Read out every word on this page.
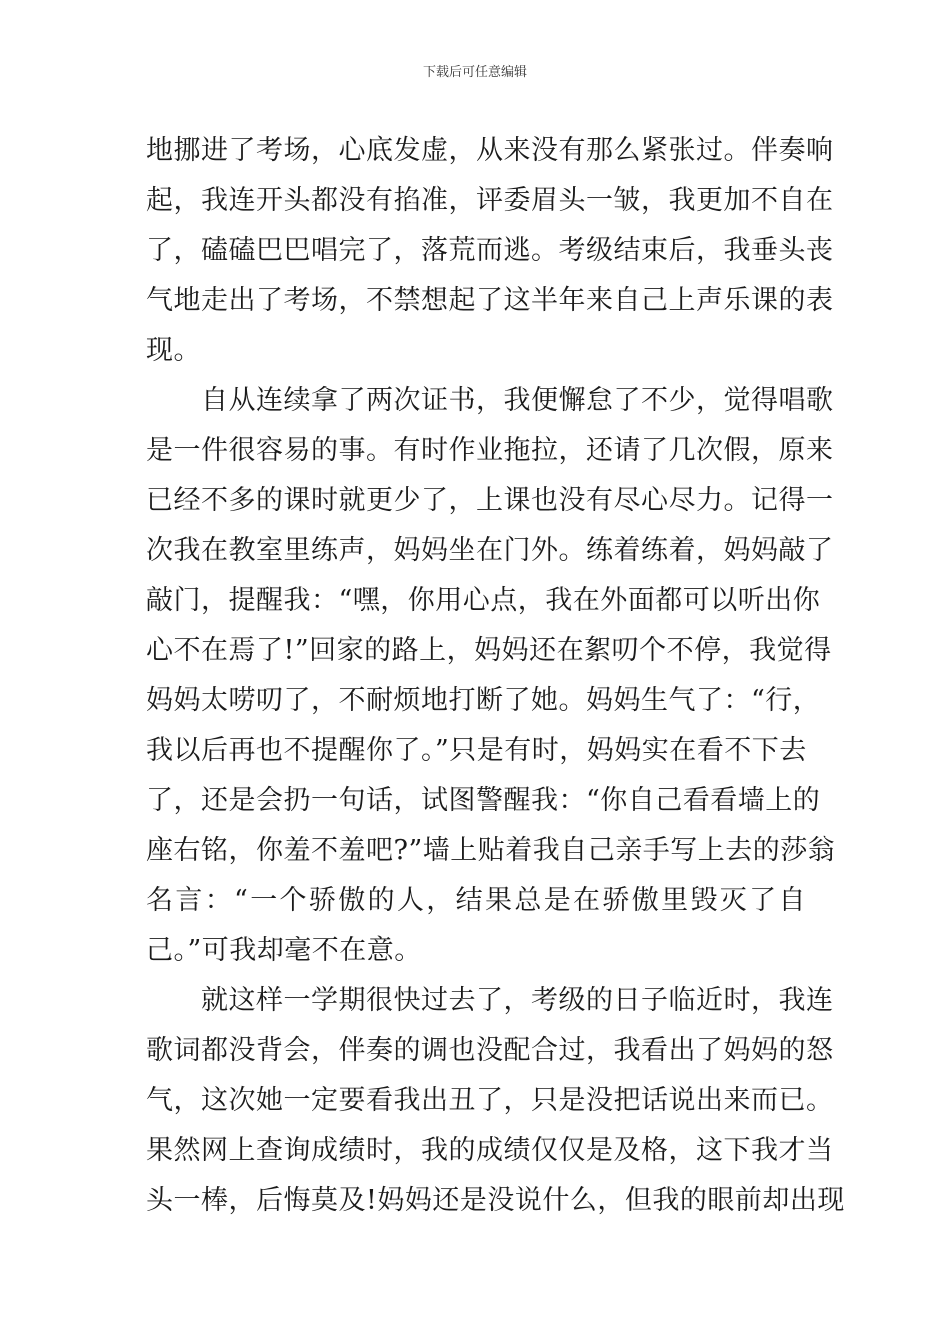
下载后可任意编辑
地挪进了考场，心底发虚，从来没有那么紧张过。伴奏响
起，我连开头都没有掐准，评委眉头一皱，我更加不自在
了，磕磕巴巴唱完了，落荒而逃。考级结束后，我垂头丧
气地走出了考场，不禁想起了这半年来自己上声乐课的表
现。
　　自从连续拿了两次证书，我便懈怠了不少，觉得唱歌
是一件很容易的事。有时作业拖拉，还请了几次假，原来
已经不多的课时就更少了，上课也没有尽心尽力。记得一
次我在教室里练声，妈妈坐在门外。练着练着，妈妈敲了
敲门，提醒我：“嘿，你用心点，我在外面都可以听出你
心不在焉了!”回家的路上，妈妈还在絮叨个不停，我觉得
妈妈太唠叨了，不耐烦地打断了她。妈妈生气了：“行，
我以后再也不提醒你了。”只是有时，妈妈实在看不下去
了，还是会扔一句话，试图警醒我：“你自己看看墙上的
座右铭，你羞不羞吧?”墙上贴着我自己亲手写上去的莎翁
名言：“一个骄傲的人，结果总是在骄傲里毁灭了自
己。”可我却毫不在意。
　　就这样一学期很快过去了，考级的日子临近时，我连
歌词都没背会，伴奏的调也没配合过，我看出了妈妈的怒
气，这次她一定要看我出丑了，只是没把话说出来而已。
果然网上查询成绩时，我的成绩仅仅是及格，这下我才当
头一棒，后悔莫及!妈妈还是没说什么，但我的眼前却出现
